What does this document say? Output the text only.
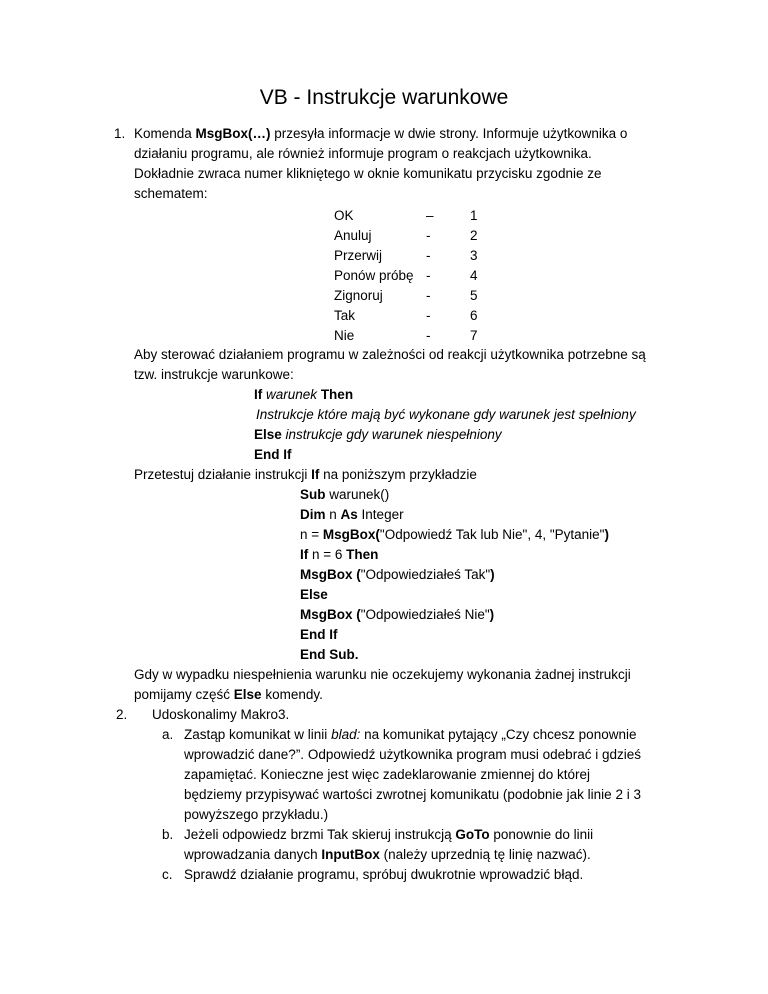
VB - Instrukcje warunkowe
1. Komenda MsgBox(…) przesyła informacje w dwie strony. Informuje użytkownika o
działaniu programu, ale również informuje program o reakcjach użytkownika.
Dokładnie zwraca numer klikniętego w oknie komunikatu przycisku zgodnie ze
schematem:
OK	–	1
Anuluj	-	2
Przerwij	-	3
Ponów próbę -	4
Zignoruj	-	5
Tak	-	6
Nie	-	7
Aby sterować działaniem programu w zależności od reakcji użytkownika potrzebne są
tzw. instrukcje warunkowe:
If warunek Then
Instrukcje które mają być wykonane gdy warunek jest spełniony
Else instrukcje gdy warunek niespełniony
End If
Przetestuj działanie instrukcji If na poniższym przykładzie
Sub warunek()
Dim n As Integer
n = MsgBox("Odpowiedź Tak lub Nie", 4, "Pytanie")
If n = 6 Then
MsgBox ("Odpowiedziałeś Tak")
Else
MsgBox ("Odpowiedziałeś Nie")
End If
End Sub.
Gdy w wypadku niespełnienia warunku nie oczekujemy wykonania żadnej instrukcji
pomijamy część Else komendy.
2. Udoskonalimy Makro3.
a. Zastąp komunikat w linii blad: na komunikat pytający „Czy chcesz ponownie
wprowadzić dane?”. Odpowiedź użytkownika program musi odebrać i gdzieś
zapamiętać. Konieczne jest więc zadeklarowanie zmiennej do której
będziemy przypisywać wartości zwrotnej komunikatu (podobnie jak linie 2 i 3
powyższego przykładu.)
b. Jeżeli odpowiedz brzmi Tak skieruj instrukcją GoTo ponownie do linii
wprowadzania danych InputBox (należy uprzednią tę linię nazwać).
c. Sprawdź działanie programu, spróbuj dwukrotnie wprowadzić błąd.
